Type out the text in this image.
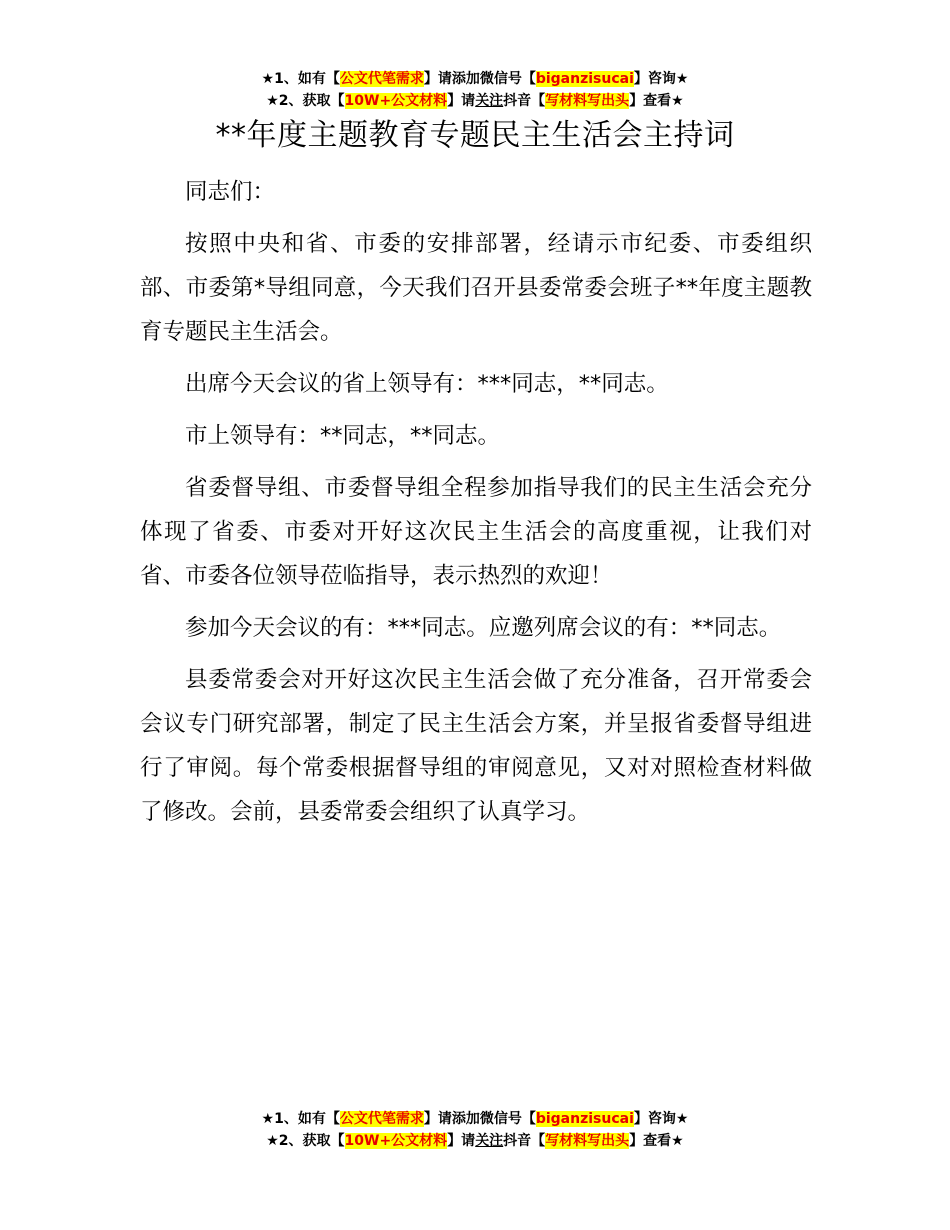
★1、如有【公文代笔需求】请添加微信号【biganzisucai】咨询★
★2、获取【10W+公文材料】请关注抖音【写材料写出头】查看★
**年度主题教育专题民主生活会主持词

同志们：

按照中央和省、市委的安排部署，经请示市纪委、市委组织部、市委第*导组同意，今天我们召开县委常委会班子**年度主题教育专题民主生活会。

出席今天会议的省上领导有：***同志，**同志。

市上领导有：**同志，**同志。

省委督导组、市委督导组全程参加指导我们的民主生活会充分体现了省委、市委对开好这次民主生活会的高度重视，让我们对省、市委各位领导莅临指导，表示热烈的欢迎！

参加今天会议的有：***同志。应邀列席会议的有：**同志。

县委常委会对开好这次民主生活会做了充分准备，召开常委会会议专门研究部署，制定了民主生活会方案，并呈报省委督导组进行了审阅。每个常委根据督导组的审阅意见，又对对照检查材料做了修改。会前，县委常委会组织了认真学习。

★1、如有【公文代笔需求】请添加微信号【biganzisucai】咨询★
★2、获取【10W+公文材料】请关注抖音【写材料写出头】查看★
